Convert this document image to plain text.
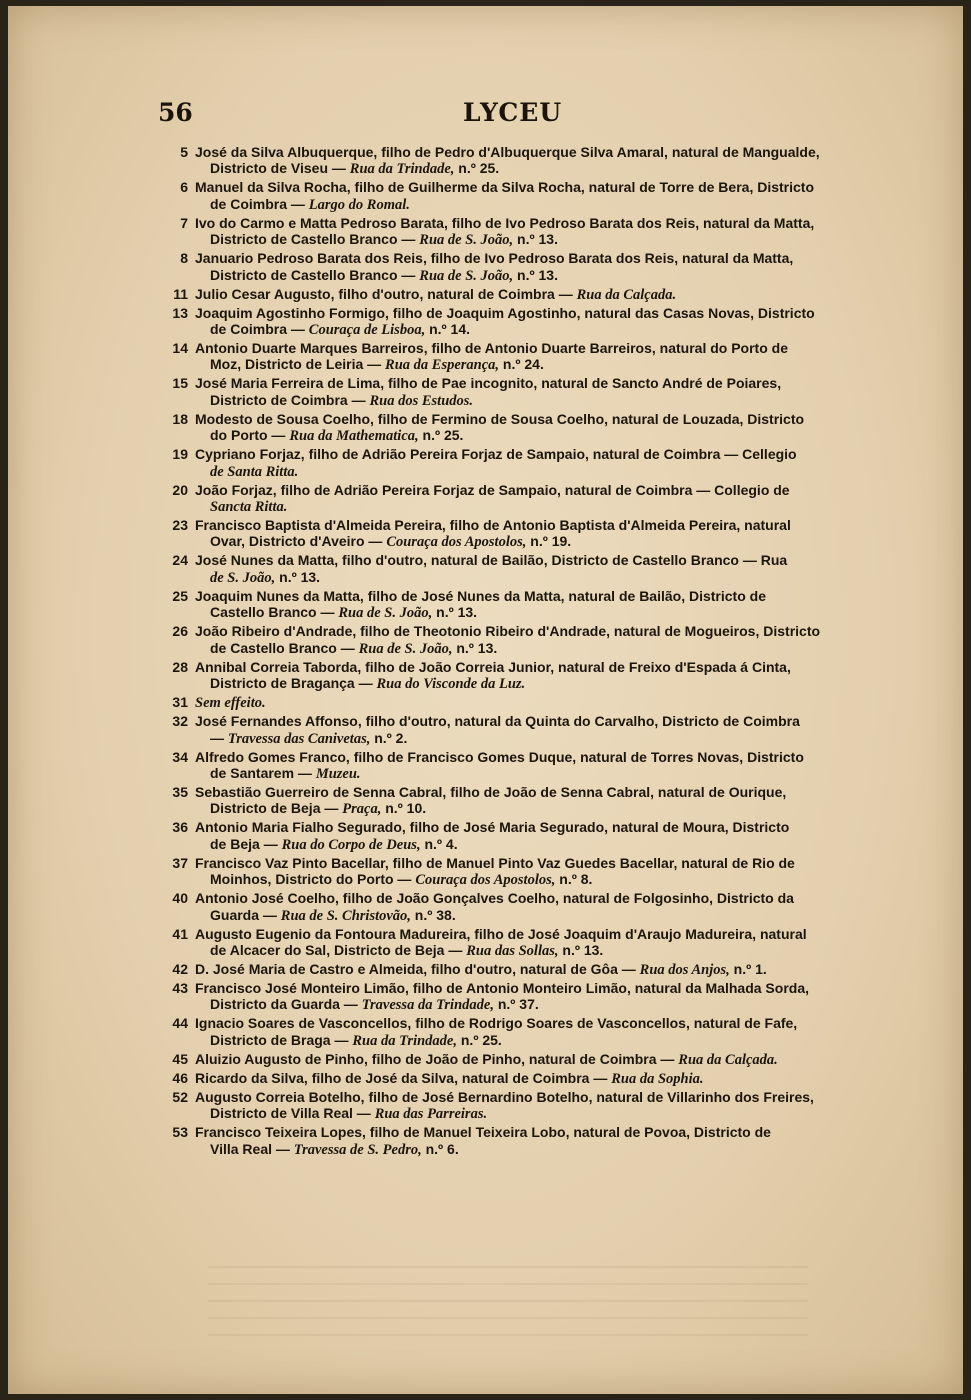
56	LYCEU
5 José da Silva Albuquerque, filho de Pedro d'Albuquerque Silva Amaral, natural de Mangualde,
Districto de Viseu — Rua da Trindade, n.º 25.
6 Manuel da Silva Rocha, filho de Guilherme da Silva Rocha, natural de Torre de Bera, Districto
de Coimbra — Largo do Romal.
7 Ivo do Carmo e Matta Pedroso Barata, filho de Ivo Pedroso Barata dos Reis, natural da Matta,
Districto de Castello Branco — Rua de S. João, n.º 13.
8 Januario Pedroso Barata dos Reis, filho de Ivo Pedroso Barata dos Reis, natural da Matta,
Districto de Castello Branco — Rua de S. João, n.º 13.
11 Julio Cesar Augusto, filho d'outro, natural de Coimbra — Rua da Calçada.
13 Joaquim Agostinho Formigo, filho de Joaquim Agostinho, natural das Casas Novas, Districto
de Coimbra — Couraça de Lisboa, n.º 14.
14 Antonio Duarte Marques Barreiros, filho de Antonio Duarte Barreiros, natural do Porto de
Moz, Districto de Leiria — Rua da Esperança, n.º 24.
15 José Maria Ferreira de Lima, filho de Pae incognito, natural de Sancto André de Poiares,
Districto de Coimbra — Rua dos Estudos.
18 Modesto de Sousa Coelho, filho de Fermino de Sousa Coelho, natural de Louzada, Districto
do Porto — Rua da Mathematica, n.º 25.
19 Cypriano Forjaz, filho de Adrião Pereira Forjaz de Sampaio, natural de Coimbra — Cellegio
de Santa Ritta.
20 João Forjaz, filho de Adrião Pereira Forjaz de Sampaio, natural de Coimbra — Collegio de
Sancta Ritta.
23 Francisco Baptista d'Almeida Pereira, filho de Antonio Baptista d'Almeida Pereira, natural
Ovar, Districto d'Aveiro — Couraça dos Apostolos, n.º 19.
24 José Nunes da Matta, filho d'outro, natural de Bailão, Districto de Castello Branco — Rua
de S. João, n.º 13.
25 Joaquim Nunes da Matta, filho de José Nunes da Matta, natural de Bailão, Districto de
Castello Branco — Rua de S. João, n.º 13.
26 João Ribeiro d'Andrade, filho de Theotonio Ribeiro d'Andrade, natural de Mogueiros, Districto
de Castello Branco — Rua de S. João, n.º 13.
28 Annibal Correia Taborda, filho de João Correia Junior, natural de Freixo d'Espada á Cinta,
Districto de Bragança — Rua do Visconde da Luz.
31 Sem effeito.
32 José Fernandes Affonso, filho d'outro, natural da Quinta do Carvalho, Districto de Coimbra
— Travessa das Canivetas, n.º 2.
34 Alfredo Gomes Franco, filho de Francisco Gomes Duque, natural de Torres Novas, Districto
de Santarem — Muzeu.
35 Sebastião Guerreiro de Senna Cabral, filho de João de Senna Cabral, natural de Ourique,
Districto de Beja — Praça, n.º 10.
36 Antonio Maria Fialho Segurado, filho de José Maria Segurado, natural de Moura, Districto
de Beja — Rua do Corpo de Deus, n.º 4.
37 Francisco Vaz Pinto Bacellar, filho de Manuel Pinto Vaz Guedes Bacellar, natural de Rio de
Moinhos, Districto do Porto — Couraça dos Apostolos, n.º 8.
40 Antonio José Coelho, filho de João Gonçalves Coelho, natural de Folgosinho, Districto da
Guarda — Rua de S. Christovão, n.º 38.
41 Augusto Eugenio da Fontoura Madureira, filho de José Joaquim d'Araujo Madureira, natural
de Alcacer do Sal, Districto de Beja — Rua das Sollas, n.º 13.
42 D. José Maria de Castro e Almeida, filho d'outro, natural de Gôa — Rua dos Anjos, n.º 1.
43 Francisco José Monteiro Limão, filho de Antonio Monteiro Limão, natural da Malhada Sorda,
Districto da Guarda — Travessa da Trindade, n.º 37.
44 Ignacio Soares de Vasconcellos, filho de Rodrigo Soares de Vasconcellos, natural de Fafe,
Districto de Braga — Rua da Trindade, n.º 25.
45 Aluizio Augusto de Pinho, filho de João de Pinho, natural de Coimbra — Rua da Calçada.
46 Ricardo da Silva, filho de José da Silva, natural de Coimbra — Rua da Sophia.
52 Augusto Correia Botelho, filho de José Bernardino Botelho, natural de Villarinho dos Freires,
Districto de Villa Real — Rua das Parreiras.
53 Francisco Teixeira Lopes, filho de Manuel Teixeira Lobo, natural de Povoa, Districto de
Villa Real — Travessa de S. Pedro, n.º 6.
